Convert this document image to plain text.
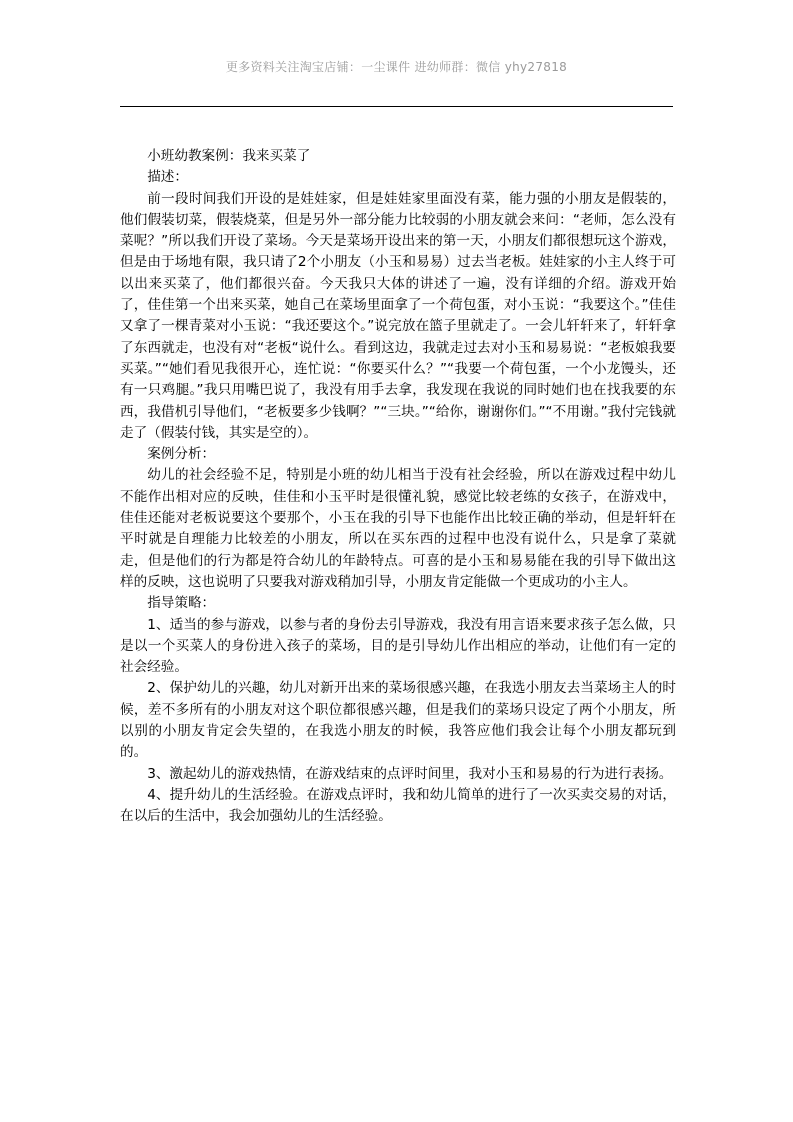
更多资料关注淘宝店铺：一尘课件 进幼师群：微信 yhy27818

小班幼教案例：我来买菜了

描述：

前一段时间我们开设的是娃娃家，但是娃娃家里面没有菜，能力强的小朋友是假装的，他们假装切菜，假装烧菜，但是另外一部分能力比较弱的小朋友就会来问：“老师，怎么没有菜呢？”所以我们开设了菜场。今天是菜场开设出来的第一天，小朋友们都很想玩这个游戏，但是由于场地有限，我只请了2个小朋友（小玉和易易）过去当老板。娃娃家的小主人终于可以出来买菜了，他们都很兴奋。今天我只大体的讲述了一遍，没有详细的介绍。游戏开始了，佳佳第一个出来买菜，她自己在菜场里面拿了一个荷包蛋，对小玉说：“我要这个。”佳佳又拿了一棵青菜对小玉说：“我还要这个。”说完放在篮子里就走了。一会儿轩轩来了，轩轩拿了东西就走，也没有对“老板“说什么。看到这边，我就走过去对小玉和易易说：“老板娘我要买菜。”“她们看见我很开心，连忙说：“你要买什么？”“我要一个荷包蛋，一个小龙馒头，还有一只鸡腿。”我只用嘴巴说了，我没有用手去拿，我发现在我说的同时她们也在找我要的东西，我借机引导他们，“老板要多少钱啊？”“三块。”“给你，谢谢你们。”“不用谢。”我付完钱就走了（假装付钱，其实是空的）。

案例分析：

幼儿的社会经验不足，特别是小班的幼儿相当于没有社会经验，所以在游戏过程中幼儿不能作出相对应的反映，佳佳和小玉平时是很懂礼貌，感觉比较老练的女孩子，在游戏中，佳佳还能对老板说要这个要那个，小玉在我的引导下也能作出比较正确的举动，但是轩轩在平时就是自理能力比较差的小朋友，所以在买东西的过程中也没有说什么，只是拿了菜就走，但是他们的行为都是符合幼儿的年龄特点。可喜的是小玉和易易能在我的引导下做出这样的反映，这也说明了只要我对游戏稍加引导，小朋友肯定能做一个更成功的小主人。

指导策略：

1、适当的参与游戏，以参与者的身份去引导游戏，我没有用言语来要求孩子怎么做，只是以一个买菜人的身份进入孩子的菜场，目的是引导幼儿作出相应的举动，让他们有一定的社会经验。

2、保护幼儿的兴趣，幼儿对新开出来的菜场很感兴趣，在我选小朋友去当菜场主人的时候，差不多所有的小朋友对这个职位都很感兴趣，但是我们的菜场只设定了两个小朋友，所以别的小朋友肯定会失望的，在我选小朋友的时候，我答应他们我会让每个小朋友都玩到的。

3、激起幼儿的游戏热情，在游戏结束的点评时间里，我对小玉和易易的行为进行表扬。

4、提升幼儿的生活经验。在游戏点评时，我和幼儿简单的进行了一次买卖交易的对话，在以后的生活中，我会加强幼儿的生活经验。
